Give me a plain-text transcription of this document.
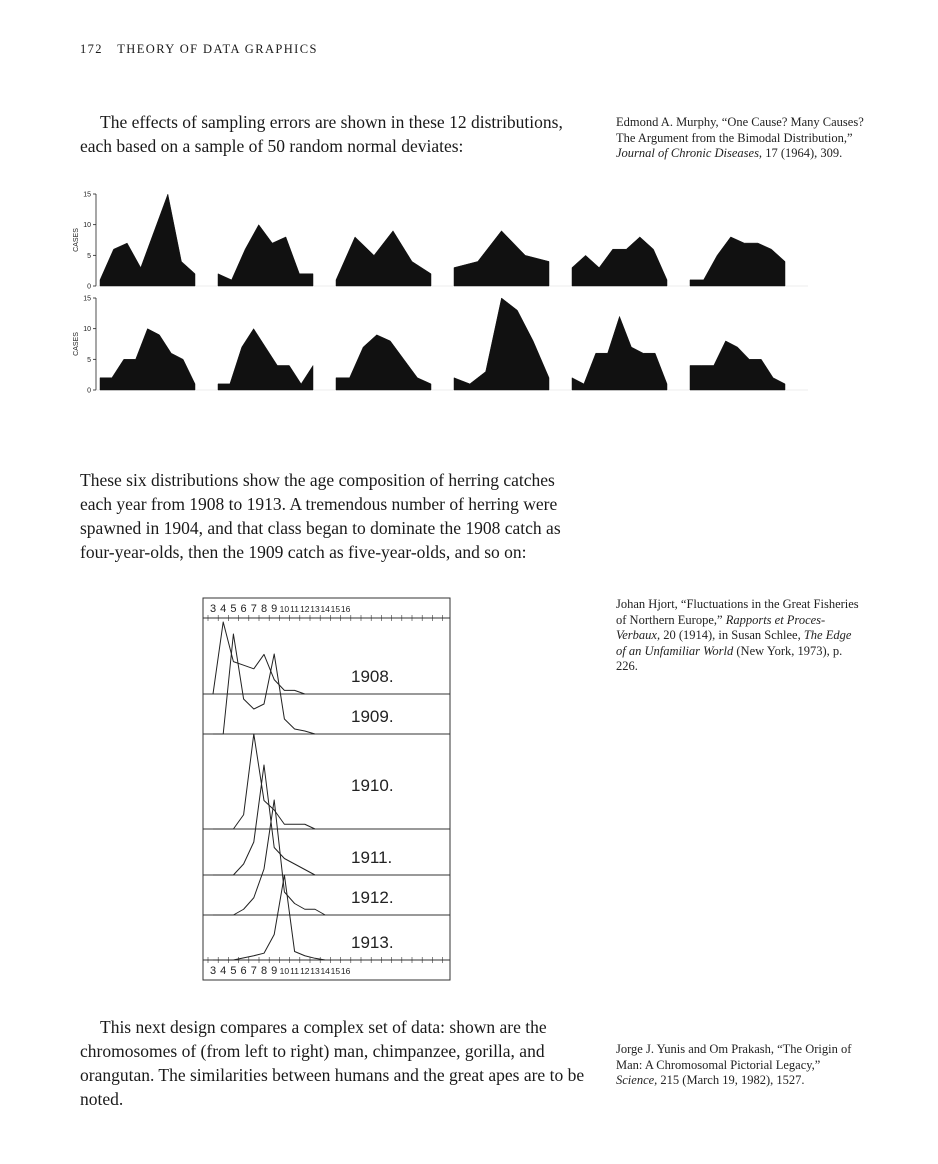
172 THEORY OF DATA GRAPHICS
The effects of sampling errors are shown in these 12 distributions, each based on a sample of 50 random normal deviates:
Edmond A. Murphy, “One Cause? Many Causes? The Argument from the Bimodal Distribution,” Journal of Chronic Diseases, 17 (1964), 309.
0
5
10
15
CASES
0
5
10
15
CASES
These six distributions show the age composition of herring catches each year from 1908 to 1913. A tremendous number of herring were spawned in 1904, and that class began to dominate the 1908 catch as four-year-olds, then the 1909 catch as five-year-olds, and so on:
Johan Hjort, “Fluctuations in the Great Fisheries of Northern Europe,” Rapports et Proces-Verbaux, 20 (1914), in Susan Schlee, The Edge of an Unfamiliar World (New York, 1973), p. 226.
3 4 5 6 7 8 9 10 11 12 13 14 15 16
3 4 5 6 7 8 9 10 11 12 13 14 15 16
1908.
1909.
1910.
1911.
1912.
1913.
This next design compares a complex set of data: shown are the chromosomes of (from left to right) man, chimpanzee, gorilla, and orangutan. The similarities between humans and the great apes are to be noted.
Jorge J. Yunis and Om Prakash, “The Origin of Man: A Chromosomal Pictorial Legacy,” Science, 215 (March 19, 1982), 1527.
